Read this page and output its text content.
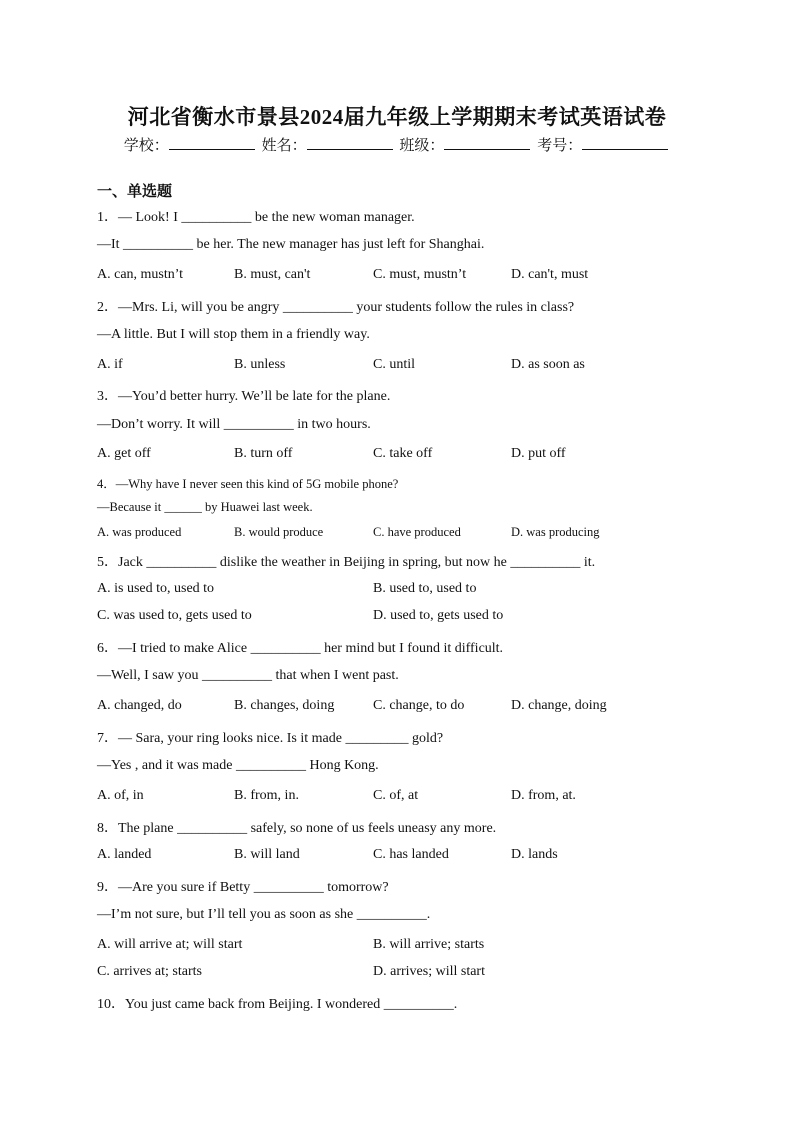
河北省衡水市景县2024届九年级上学期期末考试英语试卷
学校：	姓名：	班级：	考号：
一、单选题
1．— Look! I __________ be the new woman manager.
—It __________ be her. The new manager has just left for Shanghai.
A. can, mustn’t	B. must, can't	C. must, mustn’t	D. can't, must
2．—Mrs. Li, will you be angry __________ your students follow the rules in class?
—A little. But I will stop them in a friendly way.
A. if	B. unless	C. until	D. as soon as
3．—You’d better hurry. We’ll be late for the plane.
—Don’t worry. It will __________ in two hours.
A. get off	B. turn off	C. take off	D. put off
4．—Why have I never seen this kind of 5G mobile phone?
—Because it ______ by Huawei last week.
A. was produced	B. would produce	C. have produced	D. was producing
5．Jack __________ dislike the weather in Beijing in spring, but now he __________ it.
A. is used to, used to	B. used to, used to
C. was used to, gets used to	D. used to, gets used to
6．—I tried to make Alice __________ her mind but I found it difficult.
—Well, I saw you __________ that when I went past.
A. changed, do	B. changes, doing	C. change, to do	D. change, doing
7．— Sara, your ring looks nice. Is it made _________ gold?
—Yes , and it was made __________ Hong Kong.
A. of, in	B. from, in.	C. of, at	D. from, at.
8．The plane __________ safely, so none of us feels uneasy any more.
A. landed	B. will land	C. has landed	D. lands
9．—Are you sure if Betty __________ tomorrow?
—I’m not sure, but I’ll tell you as soon as she __________.
A. will arrive at; will start	B. will arrive; starts
C. arrives at; starts	D. arrives; will start
10．You just came back from Beijing. I wondered __________.
